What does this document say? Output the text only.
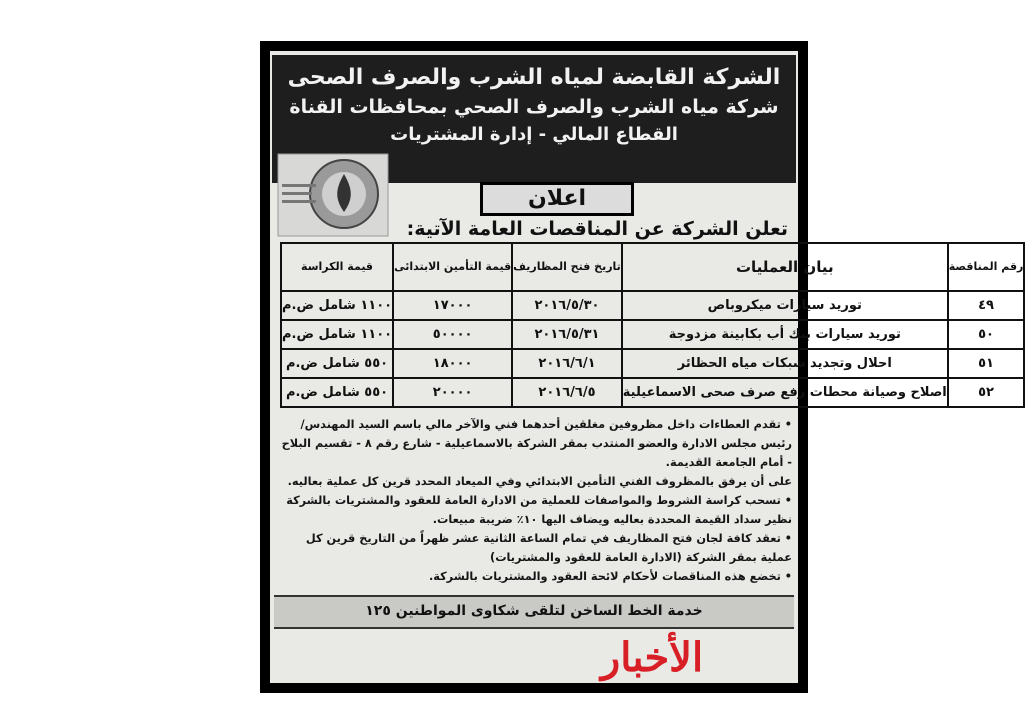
الشركة القابضة لمياه الشرب والصرف الصحى
شركة مياه الشرب والصرف الصحي بمحافظات القناة
القطاع المالي - إدارة المشتريات
اعلان
تعلن الشركة عن المناقصات العامة الآتية:
رقم المناقصة	بيان العمليات	تاريخ فتح المظاريف	قيمة التأمين الابتدائى	قيمة الكراسة
٤٩	توريد سيارات ميكروباص	٢٠١٦/٥/٣٠	١٧٠٠٠	١١٠٠ شامل ض.م
٥٠	توريد سيارات بيك أب بكابينة مزدوجة	٢٠١٦/٥/٣١	٥٠٠٠٠	١١٠٠ شامل ض.م
٥١	احلال وتجديد شبكات مياه الحظائر	٢٠١٦/٦/١	١٨٠٠٠	٥٥٠ شامل ض.م
٥٢	اصلاح وصيانة محطات رفع صرف صحى الاسماعيلية	٢٠١٦/٦/٥	٢٠٠٠٠	٥٥٠ شامل ض.م

• تقدم العطاءات داخل مظروفين مغلقين أحدهما فني والآخر مالي باسم السيد المهندس/ رئيس مجلس الادارة والعضو المنتدب بمقر الشركة بالاسماعيلية - شارع رقم ٨ - تقسيم البلاح - أمام الجامعة القديمة.

على أن يرفق بالمظروف الفني التأمين الابتدائي وفي الميعاد المحدد قرين كل عملية بعاليه.

• تسحب كراسة الشروط والمواصفات للعملية من الادارة العامة للعقود والمشتريات بالشركة نظير سداد القيمة المحددة بعاليه ويضاف اليها ١٠٪ ضريبة مبيعات.

• تعقد كافة لجان فتح المظاريف في تمام الساعة الثانية عشر ظهراً من التاريخ قرين كل عملية بمقر الشركة (الادارة العامة للعقود والمشتريات)

• تخضع هذه المناقصات لأحكام لائحة العقود والمشتريات بالشركة.

خدمة الخط الساخن لتلقى شكاوى المواطنين ١٢٥
الأخبار
